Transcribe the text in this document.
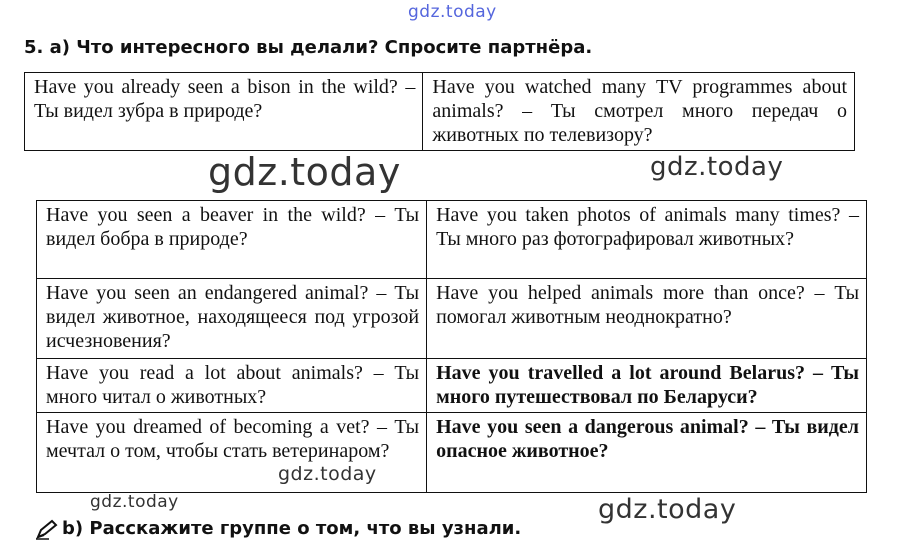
gdz.today
5. a) Что интересного вы делали? Спросите партнёра.
Have you already seen a bison in the wild? – Ты видел зубра в природе?	Have you watched many TV programmes about animals? – Ты смотрел много передач о животных по телевизору?
gdz.today	gdz.today
Have you seen a beaver in the wild? – Ты видел бобра в природе?	Have you taken photos of animals many times? – Ты много раз фотографировал животных?
Have you seen an endangered animal? – Ты видел животное, находящееся под угрозой исчезновения?	Have you helped animals more than once? – Ты помогал животным неоднократно?
Have you read a lot about animals? – Ты много читал о животных?	Have you travelled a lot around Belarus? – Ты много путешествовал по Беларуси?
Have you dreamed of becoming a vet? – Ты мечтал о том, чтобы стать ветеринаром?	Have you seen a dangerous animal? – Ты видел опасное животное?
gdz.today
gdz.today	gdz.today
b) Расскажите группе о том, что вы узнали.
